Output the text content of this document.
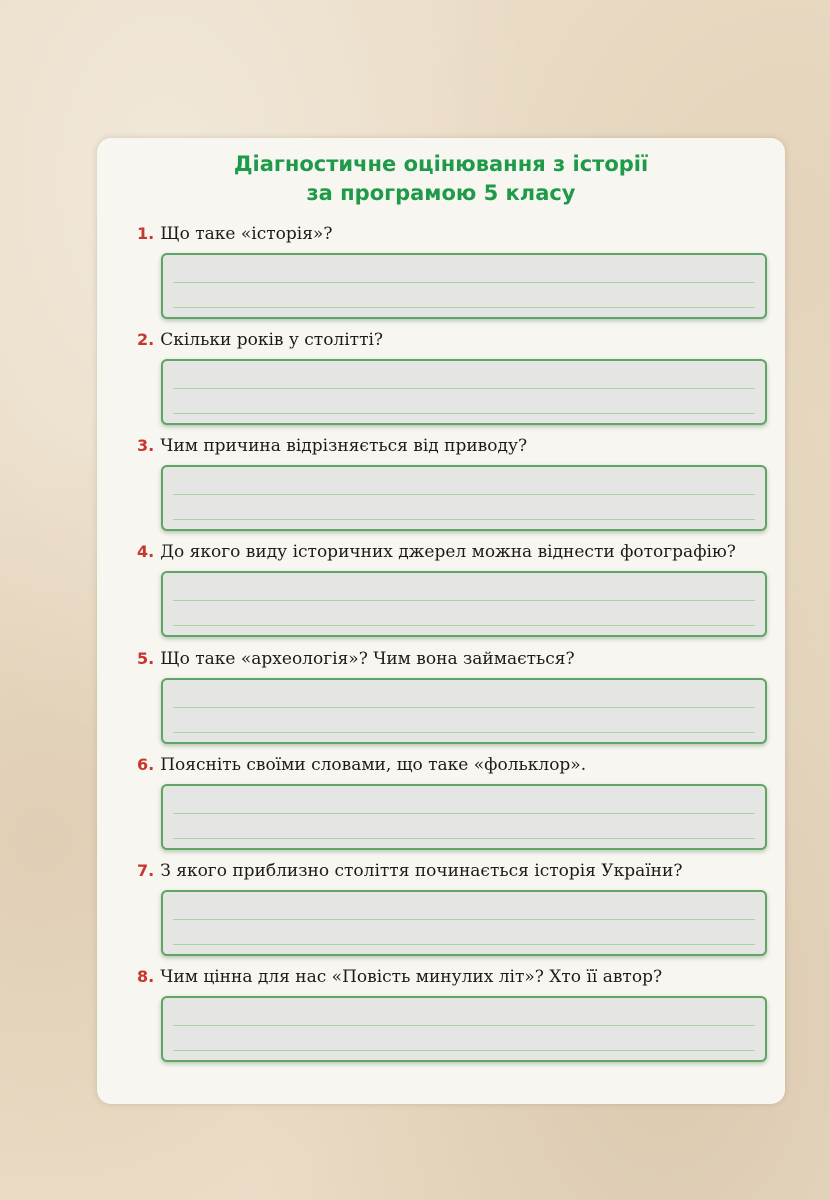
Діагностичне оцінювання з історії
за програмою 5 класу
1. Що таке «історія»?
2. Скільки років у столітті?
3. Чим причина відрізняється від приводу?
4. До якого виду історичних джерел можна віднести фотографію?
5. Що таке «археологія»? Чим вона займається?
6. Поясніть своїми словами, що таке «фольклор».
7. З якого приблизно століття починається історія України?
8. Чим цінна для нас «Повість минулих літ»? Хто її автор?
